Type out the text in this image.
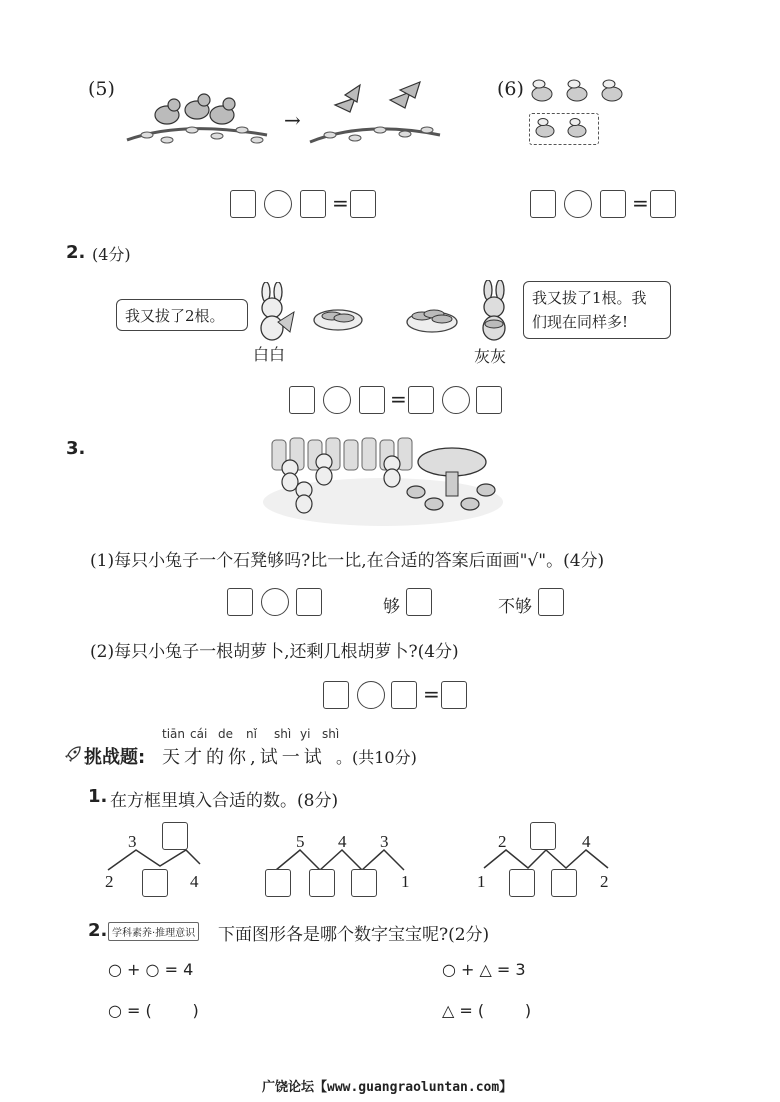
(5)
→
(6)
=	=
2. (4分)
我又拔了2根。
白白	灰灰
我又拔了1根。我
们现在同样多!
=
3.
(1)每只小兔子一个石凳够吗?比一比,在合适的答案后面画"√"。(4分)
够	不够
(2)每只小兔子一根胡萝卜,还剩几根胡萝卜?(4分)
=
tiān cái de nǐ shì yi shì
挑战题: 天才的你,试一试 。(共10分)
1. 在方框里填入合适的数。(8分)
3
2	4
5 4 3
1
2	4
1	2
2. 学科素养·推理意识 下面图形各是哪个数字宝宝呢?(2分)
○ + ○ = 4	○ + △ = 3
○ = (        )	△ = (        )
广饶论坛【www.guangraoluntan.com】
